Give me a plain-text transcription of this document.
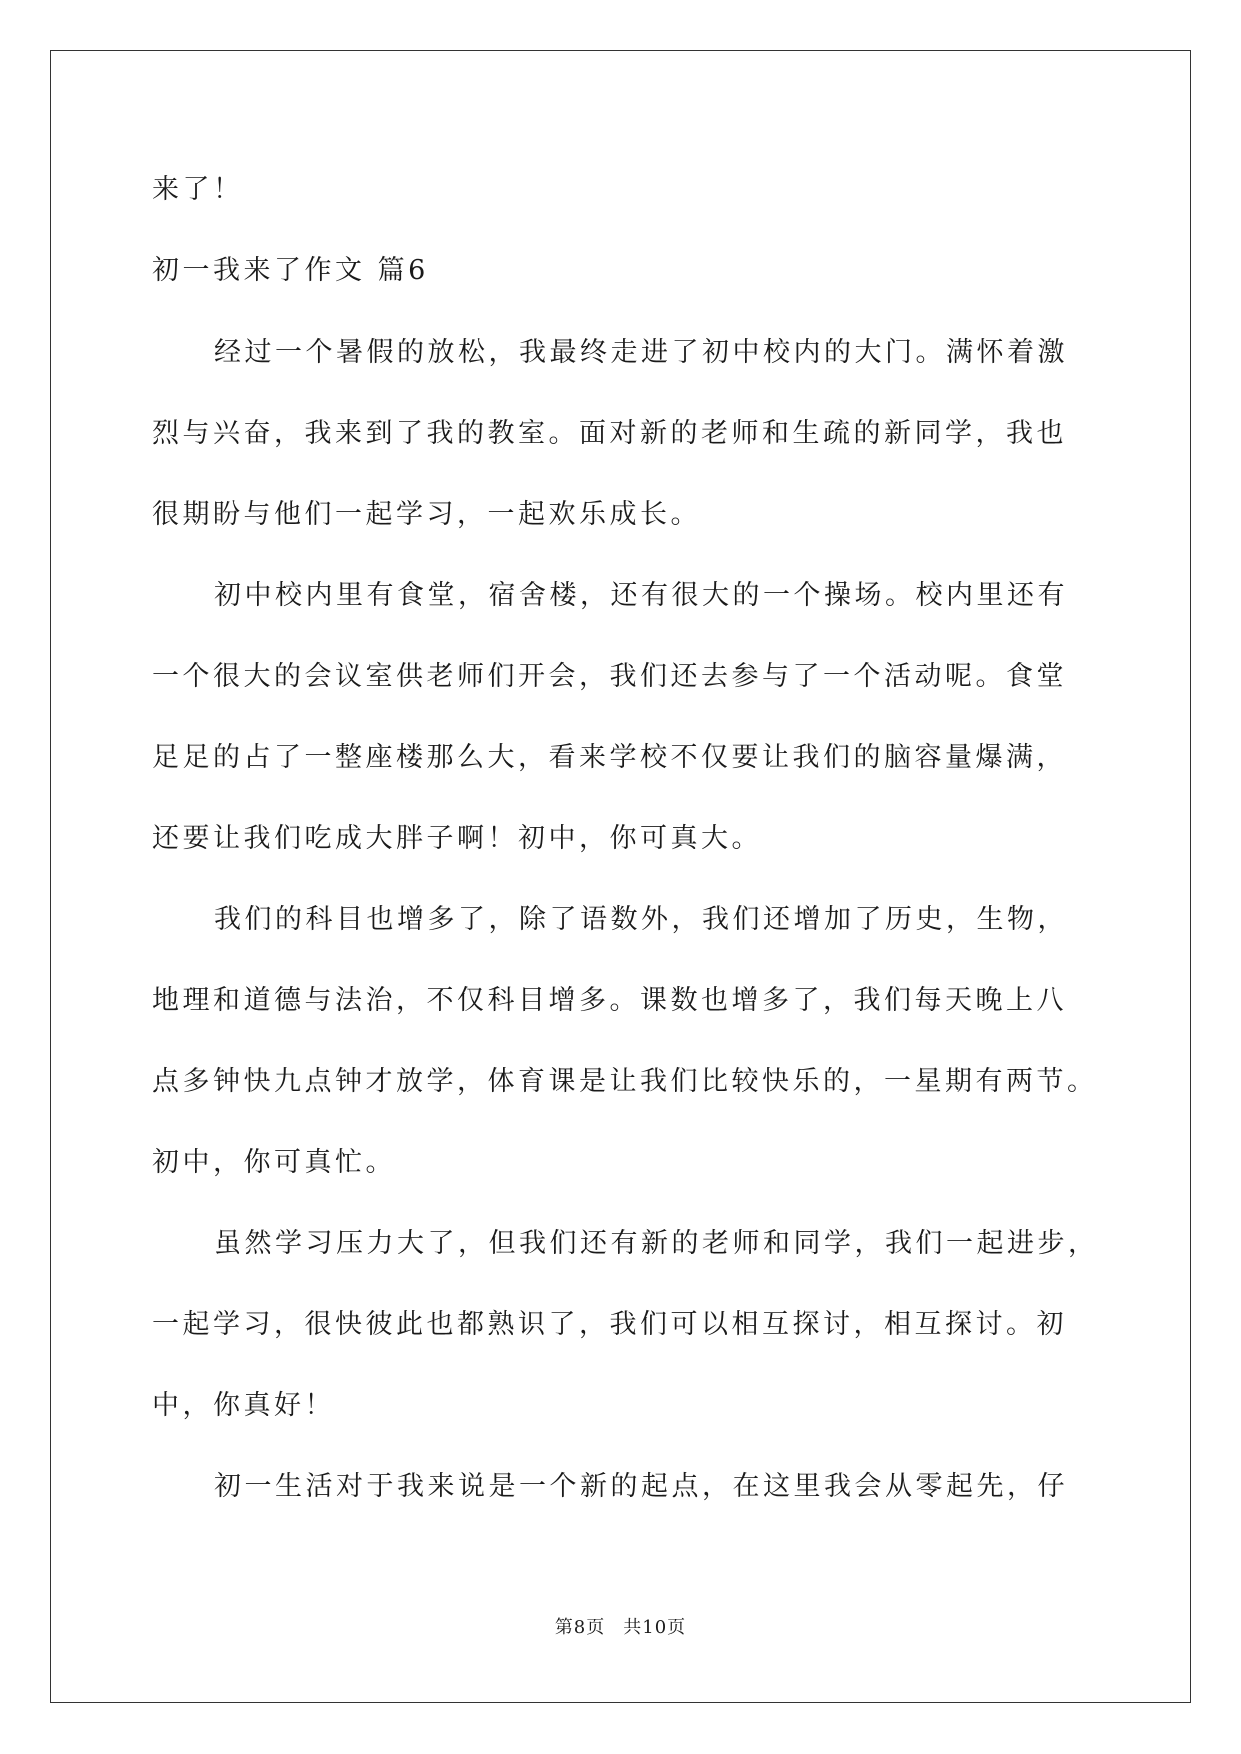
来了！
初一我来了作文 篇6
经过一个暑假的放松，我最终走进了初中校内的大门。满怀着激
烈与兴奋，我来到了我的教室。面对新的老师和生疏的新同学，我也
很期盼与他们一起学习，一起欢乐成长。
初中校内里有食堂，宿舍楼，还有很大的一个操场。校内里还有
一个很大的会议室供老师们开会，我们还去参与了一个活动呢。食堂
足足的占了一整座楼那么大，看来学校不仅要让我们的脑容量爆满，
还要让我们吃成大胖子啊！初中，你可真大。
我们的科目也增多了，除了语数外，我们还增加了历史，生物，
地理和道德与法治，不仅科目增多。课数也增多了，我们每天晚上八
点多钟快九点钟才放学，体育课是让我们比较快乐的，一星期有两节。
初中，你可真忙。
虽然学习压力大了，但我们还有新的老师和同学，我们一起进步，
一起学习，很快彼此也都熟识了，我们可以相互探讨，相互探讨。初
中，你真好！
初一生活对于我来说是一个新的起点，在这里我会从零起先，仔
第8页 共10页
